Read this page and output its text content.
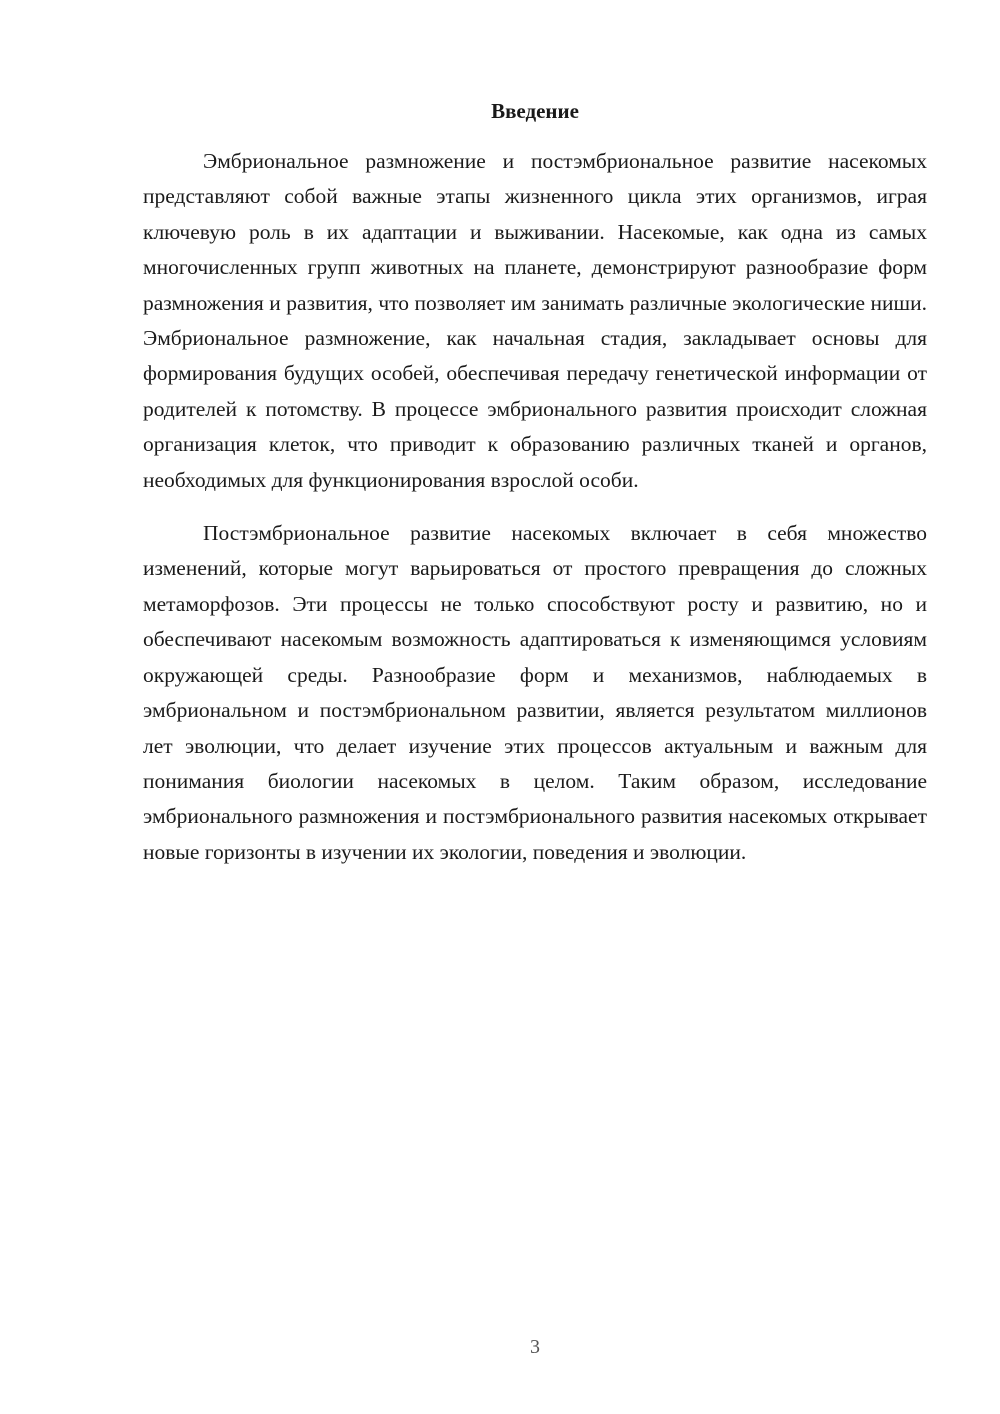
Введение

Эмбриональное размножение и постэмбриональное развитие насекомых представляют собой важные этапы жизненного цикла этих организмов, играя ключевую роль в их адаптации и выживании. Насекомые, как одна из самых многочисленных групп животных на планете, демонстрируют разнообразие форм размножения и развития, что позволяет им занимать различные экологические ниши. Эмбриональное размножение, как начальная стадия, закладывает основы для формирования будущих особей, обеспечивая передачу генетической информации от родителей к потомству. В процессе эмбрионального развития происходит сложная организация клеток, что приводит к образованию различных тканей и органов, необходимых для функционирования взрослой особи.

Постэмбриональное развитие насекомых включает в себя множество изменений, которые могут варьироваться от простого превращения до сложных метаморфозов. Эти процессы не только способствуют росту и развитию, но и обеспечивают насекомым возможность адаптироваться к изменяющимся условиям окружающей среды. Разнообразие форм и механизмов, наблюдаемых в эмбриональном и постэмбриональном развитии, является результатом миллионов лет эволюции, что делает изучение этих процессов актуальным и важным для понимания биологии насекомых в целом. Таким образом, исследование эмбрионального размножения и постэмбрионального развития насекомых открывает новые горизонты в изучении их экологии, поведения и эволюции.

3
